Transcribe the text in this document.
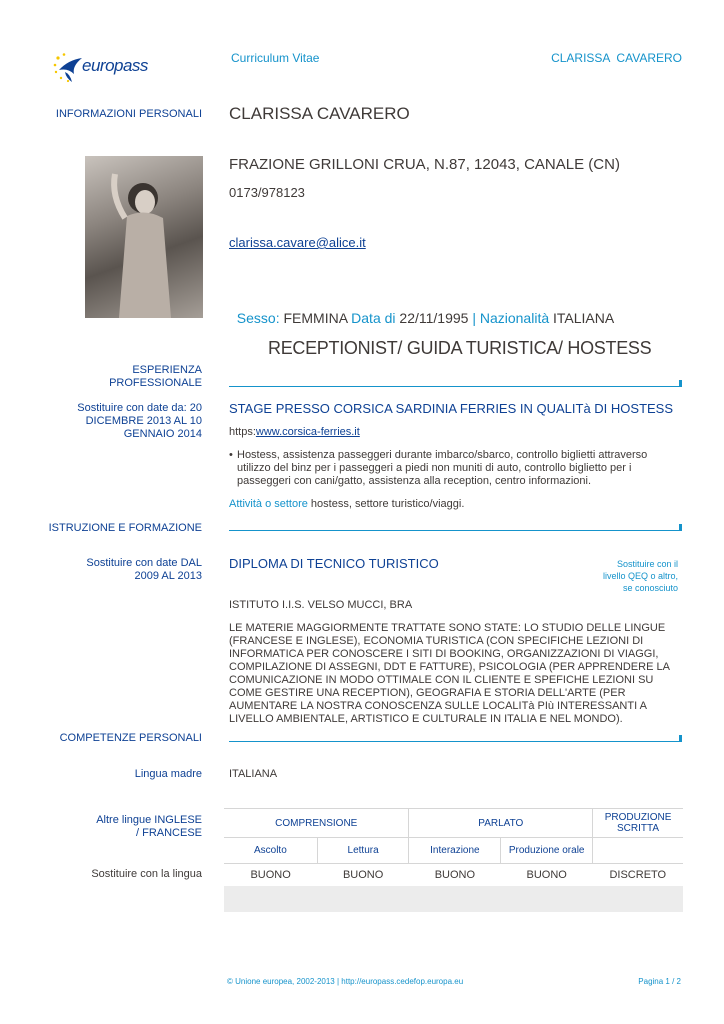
europass	Curriculum Vitae	CLARISSA  CAVARERO
INFORMAZIONI PERSONALI CLARISSA CAVARERO
FRAZIONE GRILLONI CRUA, N.87, 12043, CANALE (CN)
0173/978123
clarissa.cavare@alice.it

Sesso: FEMMINA Data di 22/11/1995 | Nazionalità ITALIANA

RECEPTIONIST/ GUIDA TURISTICA/ HOSTESS
ESPERIENZA PROFESSIONALE
Sostituire con date da: 20 DICEMBRE 2013 AL 10 GENNAIO 2014
STAGE PRESSO CORSICA SARDINIA FERRIES IN QUALITà DI HOSTESS
https:www.corsica-ferries.it
• Hostess, assistenza passeggeri durante imbarco/sbarco, controllo biglietti attraverso utilizzo del binz per i passeggeri a piedi non muniti di auto, controllo biglietto per i passeggeri con cani/gatto, assistenza alla reception, centro informazioni.
Attività o settore hostess, settore turistico/viaggi.
ISTRUZIONE E FORMAZIONE
Sostituire con date DAL 2009 AL 2013
DIPLOMA DI TECNICO TURISTICO	Sostituire con il livello QEQ o altro, se conosciuto
ISTITUTO I.I.S. VELSO MUCCI, BRA
LE MATERIE MAGGIORMENTE TRATTATE SONO STATE: LO STUDIO DELLE LINGUE (FRANCESE E INGLESE), ECONOMIA TURISTICA (CON SPECIFICHE LEZIONI DI INFORMATICA PER CONOSCERE I SITI DI BOOKING, ORGANIZZAZIONI DI VIAGGI, COMPILAZIONE DI ASSEGNI, DDT E FATTURE), PSICOLOGIA (PER APPRENDERE LA COMUNICAZIONE IN MODO OTTIMALE CON IL CLIENTE E SPEFICHE LEZIONI SU COME GESTIRE UNA RECEPTION), GEOGRAFIA E STORIA DELL'ARTE (PER AUMENTARE LA NOSTRA CONOSCENZA SULLE LOCALITà PIù INTERESSANTI A LIVELLO AMBIENTALE, ARTISTICO E CULTURALE IN ITALIA E NEL MONDO).
COMPETENZE PERSONALI
Lingua madre ITALIANA
Altre lingue INGLESE / FRANCESE
Sostituire con la lingua
COMPRENSIONE		PARLATO		PRODUZIONE SCRITTA
Ascolto	Lettura	Interazione	Produzione orale	
BUONO	BUONO	BUONO	BUONO	DISCRETO

© Unione europea, 2002-2013 | http://europass.cedefop.europa.eu	Pagina 1 / 2
